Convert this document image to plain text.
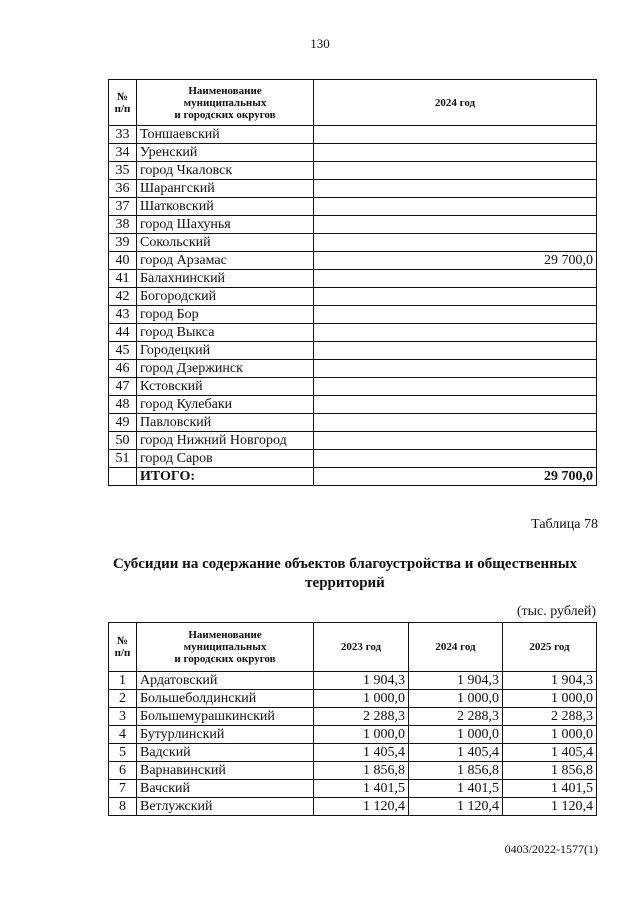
130
№
п/п	Наименование
муниципальных
и городских округов	2024 год
33	Тоншаевский	
34	Уренский	
35	город Чкаловск	
36	Шарангский	
37	Шатковский	
38	город Шахунья	
39	Сокольский	
40	город Арзамас	29 700,0
41	Балахнинский	
42	Богородский	
43	город Бор	
44	город Выкса	
45	Городецкий	
46	город Дзержинск	
47	Кстовский	
48	город Кулебаки	
49	Павловский	
50	город Нижний Новгород	
51	город Саров	
	ИТОГО:	29 700,0
Таблица 78
Субсидии на содержание объектов благоустройства и общественных территорий
(тыс. рублей)
№
п/п	Наименование
муниципальных
и городских округов	2023 год	2024 год	2025 год
1	Ардатовский	1 904,3	1 904,3	1 904,3
2	Большеболдинский	1 000,0	1 000,0	1 000,0
3	Большемурашкинский	2 288,3	2 288,3	2 288,3
4	Бутурлинский	1 000,0	1 000,0	1 000,0
5	Вадский	1 405,4	1 405,4	1 405,4
6	Варнавинский	1 856,8	1 856,8	1 856,8
7	Вачский	1 401,5	1 401,5	1 401,5
8	Ветлужский	1 120,4	1 120,4	1 120,4
0403/2022-1577(1)
